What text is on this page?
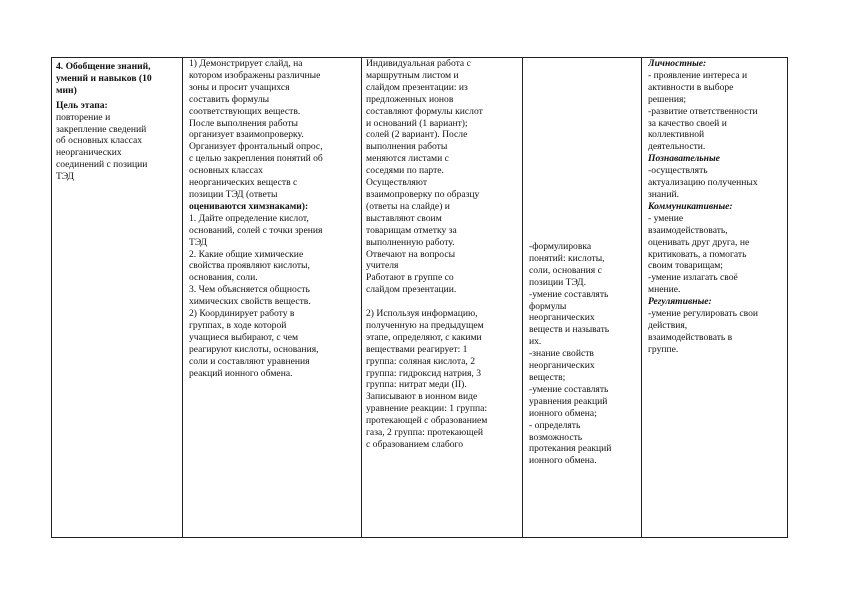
4. Обобщение знаний,
умений и навыков (10
мин)
Цель этапа:
повторение и
закрепление сведений
об основных классах
неорганических
соединений с позиции
ТЭД
1) Демонстрирует слайд, на
котором изображены различные
зоны и просит учащихся
составить формулы
соответствующих веществ.
После выполнения работы
организует взаимопроверку.
Организует фронтальный опрос,
с целью закрепления понятий об
основных классах
неорганических веществ с
позиции ТЭД (ответы
оцениваются химзнаками):
1. Дайте определение кислот,
оснований, солей с точки зрения
ТЭД
2. Какие общие химические
свойства проявляют кислоты,
основания, соли.
3. Чем объясняется общность
химических свойств веществ.
2) Координирует работу в
группах, в ходе которой
учащиеся выбирают, с чем
реагируют кислоты, основания,
соли и составляют уравнения
реакций ионного обмена.
Индивидуальная работа с
маршрутным листом и
слайдом презентации: из
предложенных ионов
составляют формулы кислот
и оснований (1 вариант);
солей (2 вариант). После
выполнения работы
меняются листами с
соседями по парте.
Осуществляют
взаимопроверку по образцу
(ответы на слайде) и
выставляют своим
товарищам отметку за
выполненную работу.
Отвечают на вопросы
учителя
Работают в группе со
слайдом презентации.
2) Используя информацию,
полученную на предыдущем
этапе, определяют, с какими
веществами реагирует: 1
группа: соляная кислота, 2
группа: гидроксид натрия, 3
группа: нитрат меди (II).
Записывают в ионном виде
уравнение реакции: 1 группа:
протекающей с образованием
газа, 2 группа: протекающей
с образованием слабого
-формулировка
понятий: кислоты,
соли, основания с
позиции ТЭД.
-умение составлять
формулы
неорганических
веществ и называть
их.
-знание свойств
неорганических
веществ;
-умение составлять
уравнения реакций
ионного обмена;
- определять
возможность
протекания реакций
ионного обмена.
Личностные:
- проявление интереса и
активности в выборе
решения;
-развитие ответственности
за качество своей и
коллективной
деятельности.
Познавательные
-осуществлять
актуализацию полученных
знаний.
Коммуникативные:
- умение
взаимодействовать,
оценивать друг друга, не
критиковать, а помогать
своим товарищам;
-умение излагать своё
мнение.
Регулятивные:
-умение регулировать свои
действия,
взаимодействовать в
группе.
